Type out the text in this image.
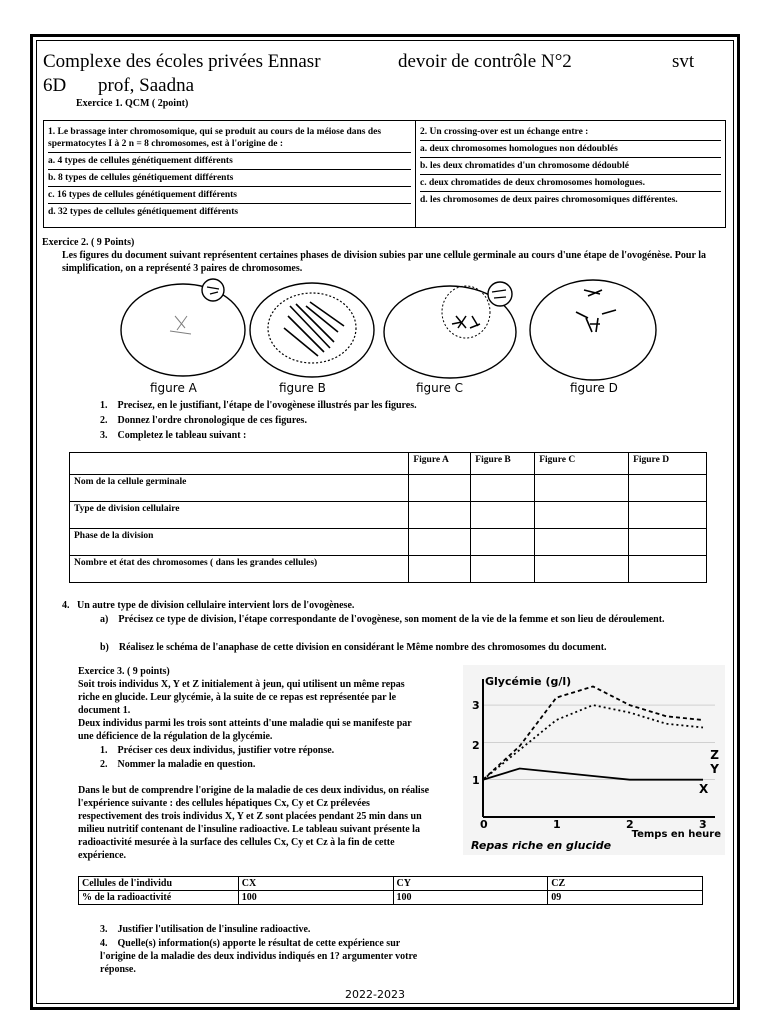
Complexe des écoles privées Ennasr	devoir de contrôle N°2	svt
6D prof, Saadna
Exercice 1. QCM ( 2point)
1. Le brassage inter chromosomique, qui se produit au cours de la méiose dans des spermatocytes I à 2 n = 8 chromosomes, est à l'origine de :
a. 4 types de cellules génétiquement différents
b. 8 types de cellules génétiquement différents
c. 16 types de cellules génétiquement différents
d. 32 types de cellules génétiquement différents
2. Un crossing-over est un échange entre :
a. deux chromosomes homologues non dédoublés
b. les deux chromatides d'un chromosome dédoublé
c. deux chromatides de deux chromosomes homologues.
d. les chromosomes de deux paires chromosomiques différentes.
Exercice 2. ( 9 Points)
Les figures du document suivant représentent certaines phases de division subies par une cellule germinale au cours d'une étape de l'ovogénèse. Pour la simplification, on a représenté 3 paires de chromosomes.
figure A	figure B	figure C	figure D
1.    Precisez, en le justifiant, l'étape de l'ovogènese illustrés par les figures.
2.    Donnez l'ordre chronologique de ces figures.
3.    Completez le tableau suivant :
	Figure A	Figure B	Figure C	Figure D
Nom de la cellule germinale				
Type de division cellulaire				
Phase de la division				
Nombre et état des chromosomes ( dans les grandes cellules)				
4.   Un autre type de division cellulaire intervient lors de l'ovogènese.
a)    Précisez ce type de division, l'étape correspondante de l'ovogènese, son moment de la vie de la femme et son lieu de déroulement.
b)    Réalisez le schéma de l'anaphase de cette division en considérant le Même nombre des chromosomes du document.
Exercice 3. ( 9 points)
Soit trois individus X, Y et Z initialement à jeun, qui utilisent un même repas riche en glucide. Leur glycémie, à la suite de ce repas est représentée par le document 1.
Deux individus parmi les trois sont atteints d'une maladie qui se manifeste par une déficience de la régulation de la glycémie.
1.    Préciser ces deux individus, justifier votre réponse.
2.    Nommer la maladie en question.
Dans le but de comprendre l'origine de la maladie de ces deux individus, on réalise l'expérience suivante : des cellules hépatiques Cx, Cy et Cz prélevées respectivement des trois individus X, Y et Z sont placées pendant 25 min dans un milieu nutritif contenant de l'insuline radioactive. Le tableau suivant présente la radioactivité mesurée à la surface des cellules Cx, Cy et Cz à la fin de cette expérience.
Glycémie (g/l)
3
2
1
0	1	2	3
Z
Y
X
Temps en heure
Repas riche en glucide
Cellules de l'individu	CX	CY	CZ
% de la radioactivité	100	100	09
3.    Justifier l'utilisation de l'insuline radioactive.
4.    Quelle(s) information(s) apporte le résultat de cette expérience sur l'origine de la maladie des deux individus indiqués en 1? argumenter votre réponse.
2022-2023
